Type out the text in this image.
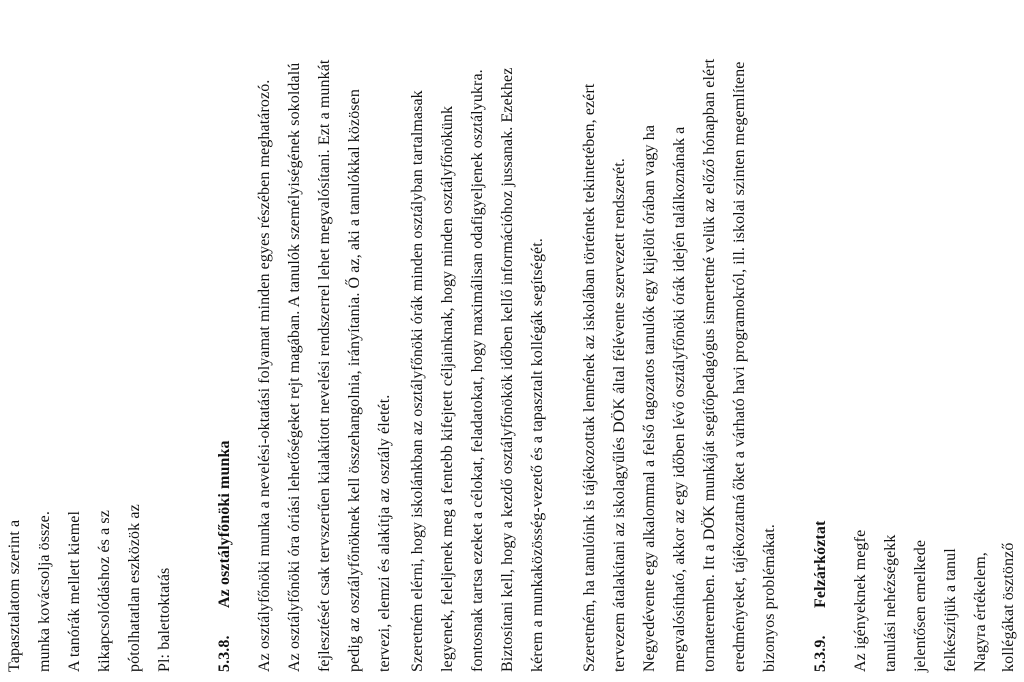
Tapasztalatom szerint a munka kovácsolja össze. A tanórák mellett kiemel kikapcsolódáshoz és a sz pótolhatatlan eszközök az Pl: balettoktatás	5.3.8.Az osztályfőnöki munka Az osztályfőnöki munka a nevelési-oktatási folyamat minden egyes részében meghatározó. Az osztályfőnöki óra óriási lehetőségeket rejt magában. A tanulók személyiségének sokoldalú fejlesztését csak tervszerűen kialakított nevelési rendszerrel lehet megvalósítani. Ezt a munkát pedig az osztályfőnöknek kell összehangolnia, irányítania. Ő az, aki a tanulókkal közösen tervezi, elemzi és alakítja az osztály életét. Szeretném elérni, hogy iskolánkban az osztályfőnöki órák minden osztályban tartalmasak legyenek, feleljenek meg a fentebb kifejtett céljainknak, hogy minden osztályfőnökünk fontosnak tartsa ezeket a célokat, feladatokat, hogy maximálisan odafigyeljenek osztályukra. Biztosítani kell, hogy a kezdő osztályfőnökök időben kellő információhoz jussanak. Ezekhez kérem a munkaközösség-vezető és a tapasztalt kollégák segítségét. Szeretném, ha tanulóink is tájékozottak lennének az iskolában történtek tekintetében, ezért tervezem átalakítani az iskolagyűlés DÖK által félévente szervezett rendszerét. Negyedévente egy alkalommal a felső tagozatos tanulók egy kijelölt órában vagy ha megvalósítható, akkor az egy időben lévő osztályfőnöki órák idején találkoznának a tornateremben. Itt a DÖK munkáját segítőpedagógus ismertetné velük az előző hónapban elért eredményeket, tájékoztatná őket a várható havi programokról, ill. iskolai szinten megemlítene bizonyos problémákat. 5.3.9.Felzárkóztat Az igényeknek megfe tanulási nehézségekk jelentősen emelkede felkészítjük a tanul Nagyra értékelem, kollégákat ösztönző
